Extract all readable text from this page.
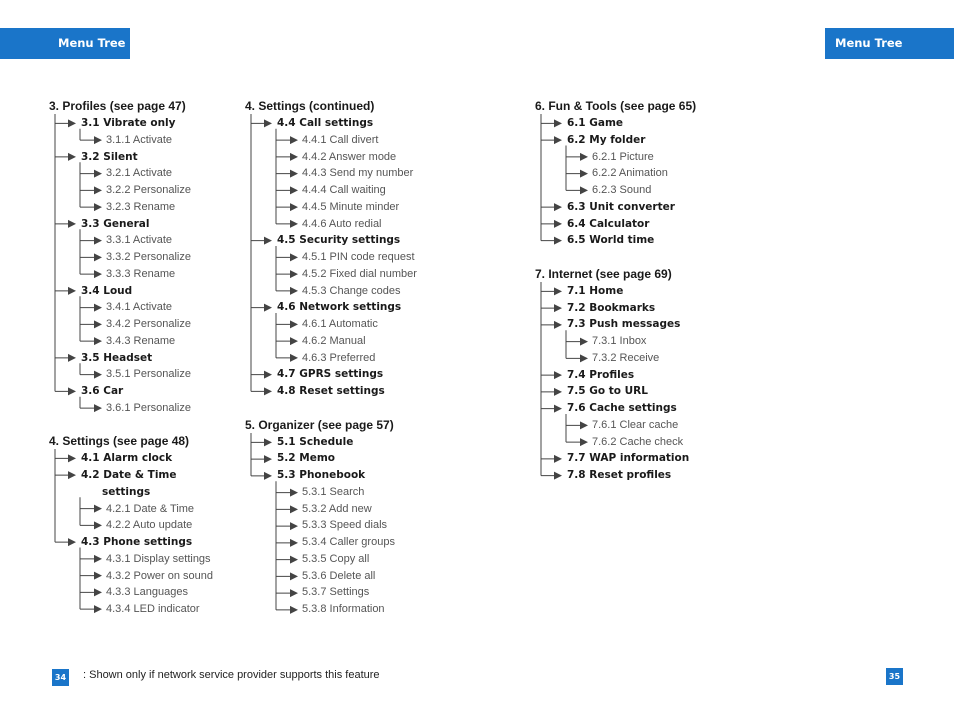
Menu Tree	Menu Tree
3. Profiles (see page 47)
3.1 Vibrate only
3.1.1 Activate
3.2 Silent
3.2.1 Activate
3.2.2 Personalize
3.2.3 Rename
3.3 General
3.3.1 Activate
3.3.2 Personalize
3.3.3 Rename
3.4 Loud
3.4.1 Activate
3.4.2 Personalize
3.4.3 Rename
3.5 Headset
3.5.1 Personalize
3.6 Car
3.6.1 Personalize
4. Settings (see page 48)
4.1 Alarm clock
4.2 Date & Time
settings
4.2.1 Date & Time
4.2.2 Auto update
4.3 Phone settings
4.3.1 Display settings
4.3.2 Power on sound
4.3.3 Languages
4.3.4 LED indicator
4. Settings (continued)
4.4 Call settings
4.4.1 Call divert
4.4.2 Answer mode
4.4.3 Send my number
4.4.4 Call waiting
4.4.5 Minute minder
4.4.6 Auto redial
4.5 Security settings
4.5.1 PIN code request
4.5.2 Fixed dial number
4.5.3 Change codes
4.6 Network settings
4.6.1 Automatic
4.6.2 Manual
4.6.3 Preferred
4.7 GPRS settings
4.8 Reset settings
5. Organizer (see page 57)
5.1 Schedule
5.2 Memo
5.3 Phonebook
5.3.1 Search
5.3.2 Add new
5.3.3 Speed dials
5.3.4 Caller groups
5.3.5 Copy all
5.3.6 Delete all
5.3.7 Settings
5.3.8 Information
6. Fun & Tools (see page 65)
6.1 Game
6.2 My folder
6.2.1 Picture
6.2.2 Animation
6.2.3 Sound
6.3 Unit converter
6.4 Calculator
6.5 World time
7. Internet (see page 69)
7.1 Home
7.2 Bookmarks
7.3 Push messages
7.3.1 Inbox
7.3.2 Receive
7.4 Profiles
7.5 Go to URL
7.6 Cache settings
7.6.1 Clear cache
7.6.2 Cache check
7.7 WAP information
7.8 Reset profiles
34 : Shown only if network service provider supports this feature	35
